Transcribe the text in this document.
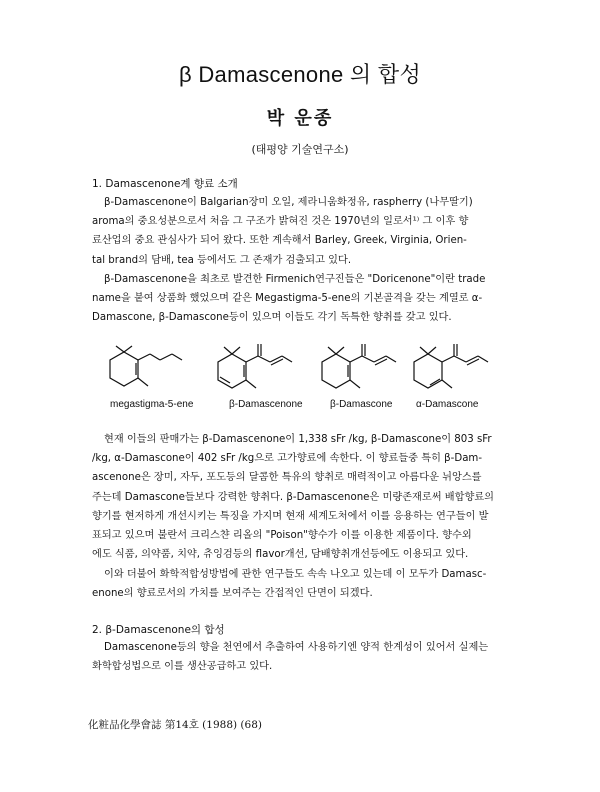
β Damascenone 의 합성
박 운종
(태평양 기술연구소)
1. Damascenone계 향료 소개
β-Damascenone이 Balgarian장미 오일, 제라니움화정유, raspherry (나무딸기)
aroma의 중요성분으로서 처음 그 구조가 밝혀진 것은 1970년의 일로서¹⁾ 그 이후 향
료산업의 중요 관심사가 되어 왔다. 또한 계속해서 Barley, Greek, Virginia, Orien-
tal brand의 담배, tea 등에서도 그 존재가 검출되고 있다.
β-Damascenone을 최초로 발견한 Firmenich연구진들은 "Doricenone"이란 trade
name을 붙여 상품화 했었으며 같은 Megastigma-5-ene의 기본골격을 갖는 계열로 α-
Damascone, β-Damascone등이 있으며 이들도 각기 독특한 향취를 갖고 있다.
megastigma-5-ene	β-Damascenone	β-Damascone α-Damascone
현재 이들의 판매가는 β-Damascenone이 1,338 sFr /kg, β-Damascone이 803 sFr
/kg, α-Damascone이 402 sFr /kg으로 고가향료에 속한다. 이 향료들중 특히 β-Dam-
ascenone은 장미, 자두, 포도등의 달콤한 특유의 향취로 매력적이고 아름다운 뉘앙스를
주는데 Damascone들보다 강력한 향취다. β-Damascenone은 미량존재로써 배합향료의
향기를 현저하게 개선시키는 특징을 가지며 현재 세계도처에서 이를 응용하는 연구들이 발
표되고 있으며 불란서 크리스챤 리올의 "Poison"향수가 이를 이용한 제품이다. 향수외
에도 식품, 의약품, 치약, 츄잉검등의 flavor개선, 담배향취개선등에도 이용되고 있다.
이와 더불어 화학적합성방법에 관한 연구들도 속속 나오고 있는데 이 모두가 Damasc-
enone의 향료로서의 가치를 보여주는 간접적인 단면이 되겠다.
2. β-Damascenone의 합성
Damascenone등의 향을 천연에서 추출하여 사용하기엔 양적 한계성이 있어서 실제는
화학합성법으로 이를 생산공급하고 있다.
化粧品化學會誌 第14호 (1988) (68)
